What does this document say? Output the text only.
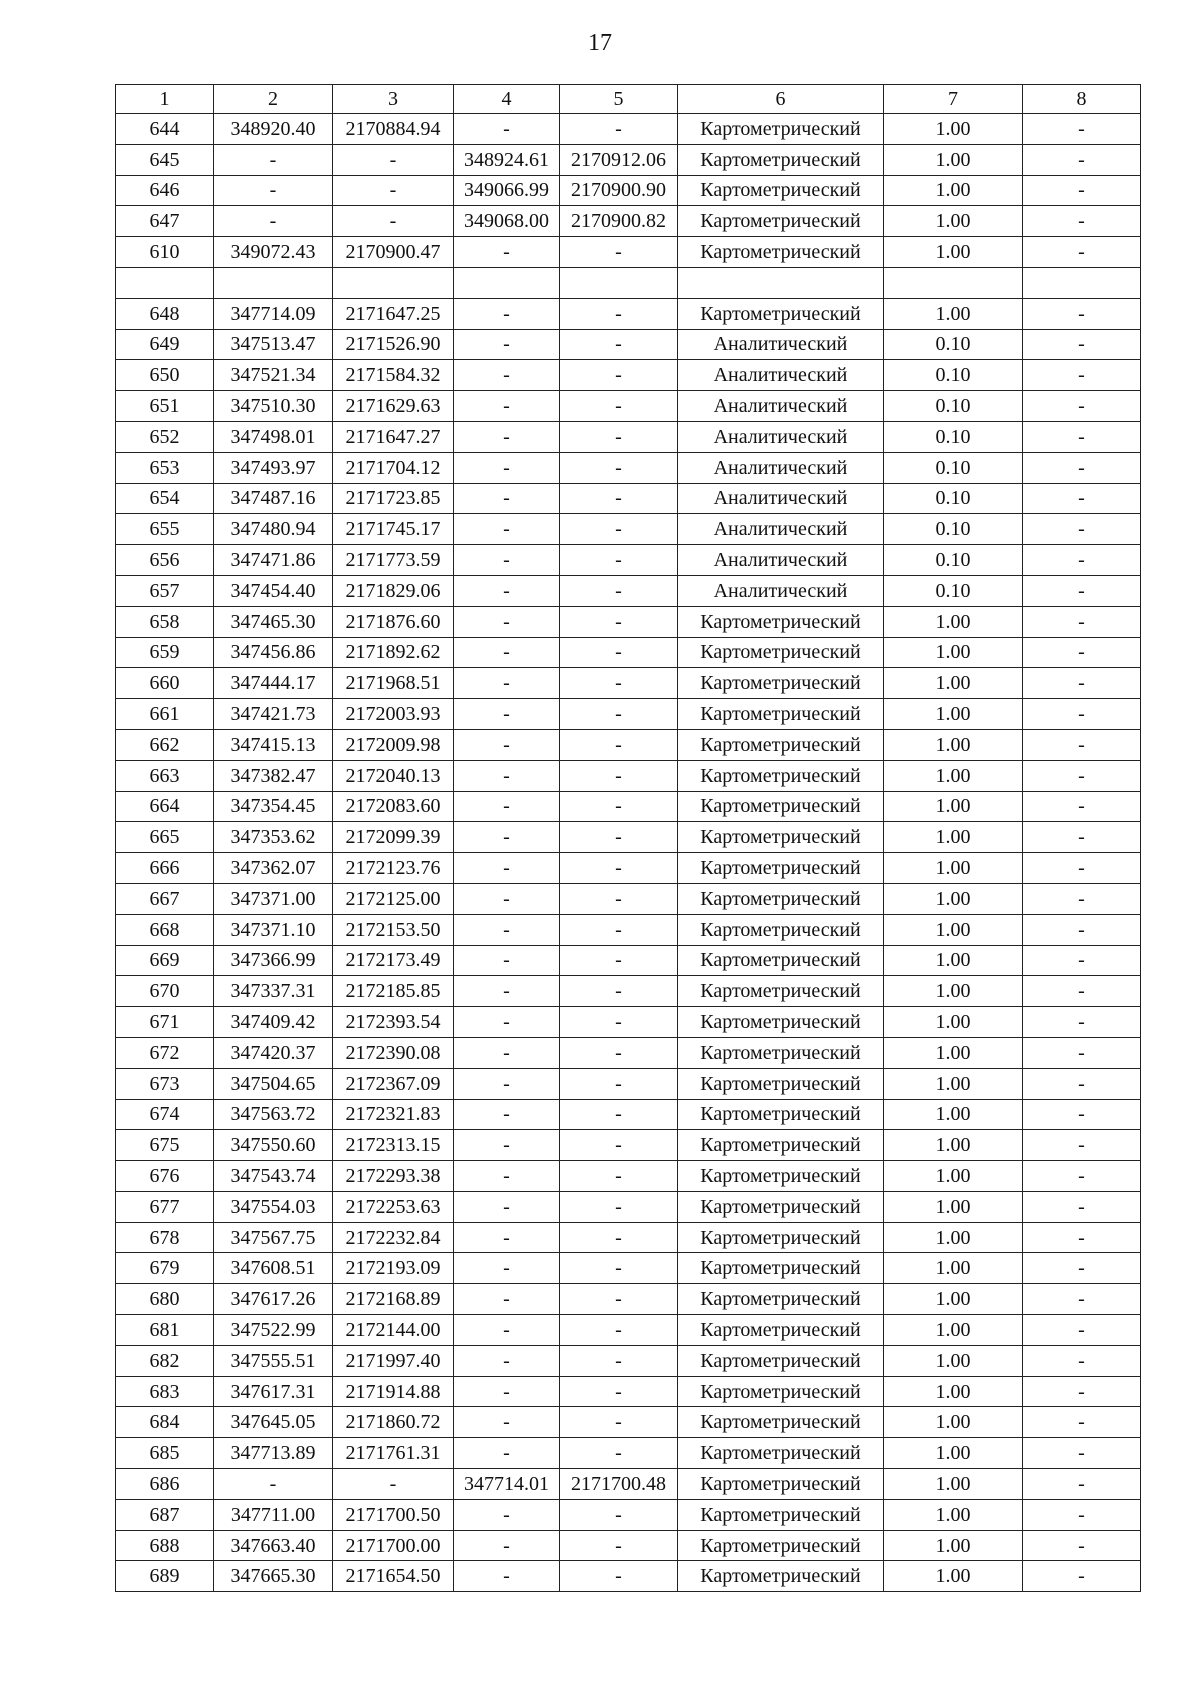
17
1	2	3	4	5	6	7	8
644	348920.40	2170884.94	-	-	Картометрический	1.00	-
645	-	-	348924.61	2170912.06	Картометрический	1.00	-
646	-	-	349066.99	2170900.90	Картометрический	1.00	-
647	-	-	349068.00	2170900.82	Картометрический	1.00	-
610	349072.43	2170900.47	-	-	Картометрический	1.00	-

648	347714.09	2171647.25	-	-	Картометрический	1.00	-
649	347513.47	2171526.90	-	-	Аналитический	0.10	-
650	347521.34	2171584.32	-	-	Аналитический	0.10	-
651	347510.30	2171629.63	-	-	Аналитический	0.10	-
652	347498.01	2171647.27	-	-	Аналитический	0.10	-
653	347493.97	2171704.12	-	-	Аналитический	0.10	-
654	347487.16	2171723.85	-	-	Аналитический	0.10	-
655	347480.94	2171745.17	-	-	Аналитический	0.10	-
656	347471.86	2171773.59	-	-	Аналитический	0.10	-
657	347454.40	2171829.06	-	-	Аналитический	0.10	-
658	347465.30	2171876.60	-	-	Картометрический	1.00	-
659	347456.86	2171892.62	-	-	Картометрический	1.00	-
660	347444.17	2171968.51	-	-	Картометрический	1.00	-
661	347421.73	2172003.93	-	-	Картометрический	1.00	-
662	347415.13	2172009.98	-	-	Картометрический	1.00	-
663	347382.47	2172040.13	-	-	Картометрический	1.00	-
664	347354.45	2172083.60	-	-	Картометрический	1.00	-
665	347353.62	2172099.39	-	-	Картометрический	1.00	-
666	347362.07	2172123.76	-	-	Картометрический	1.00	-
667	347371.00	2172125.00	-	-	Картометрический	1.00	-
668	347371.10	2172153.50	-	-	Картометрический	1.00	-
669	347366.99	2172173.49	-	-	Картометрический	1.00	-
670	347337.31	2172185.85	-	-	Картометрический	1.00	-
671	347409.42	2172393.54	-	-	Картометрический	1.00	-
672	347420.37	2172390.08	-	-	Картометрический	1.00	-
673	347504.65	2172367.09	-	-	Картометрический	1.00	-
674	347563.72	2172321.83	-	-	Картометрический	1.00	-
675	347550.60	2172313.15	-	-	Картометрический	1.00	-
676	347543.74	2172293.38	-	-	Картометрический	1.00	-
677	347554.03	2172253.63	-	-	Картометрический	1.00	-
678	347567.75	2172232.84	-	-	Картометрический	1.00	-
679	347608.51	2172193.09	-	-	Картометрический	1.00	-
680	347617.26	2172168.89	-	-	Картометрический	1.00	-
681	347522.99	2172144.00	-	-	Картометрический	1.00	-
682	347555.51	2171997.40	-	-	Картометрический	1.00	-
683	347617.31	2171914.88	-	-	Картометрический	1.00	-
684	347645.05	2171860.72	-	-	Картометрический	1.00	-
685	347713.89	2171761.31	-	-	Картометрический	1.00	-
686	-	-	347714.01	2171700.48	Картометрический	1.00	-
687	347711.00	2171700.50	-	-	Картометрический	1.00	-
688	347663.40	2171700.00	-	-	Картометрический	1.00	-
689	347665.30	2171654.50	-	-	Картометрический	1.00	-
